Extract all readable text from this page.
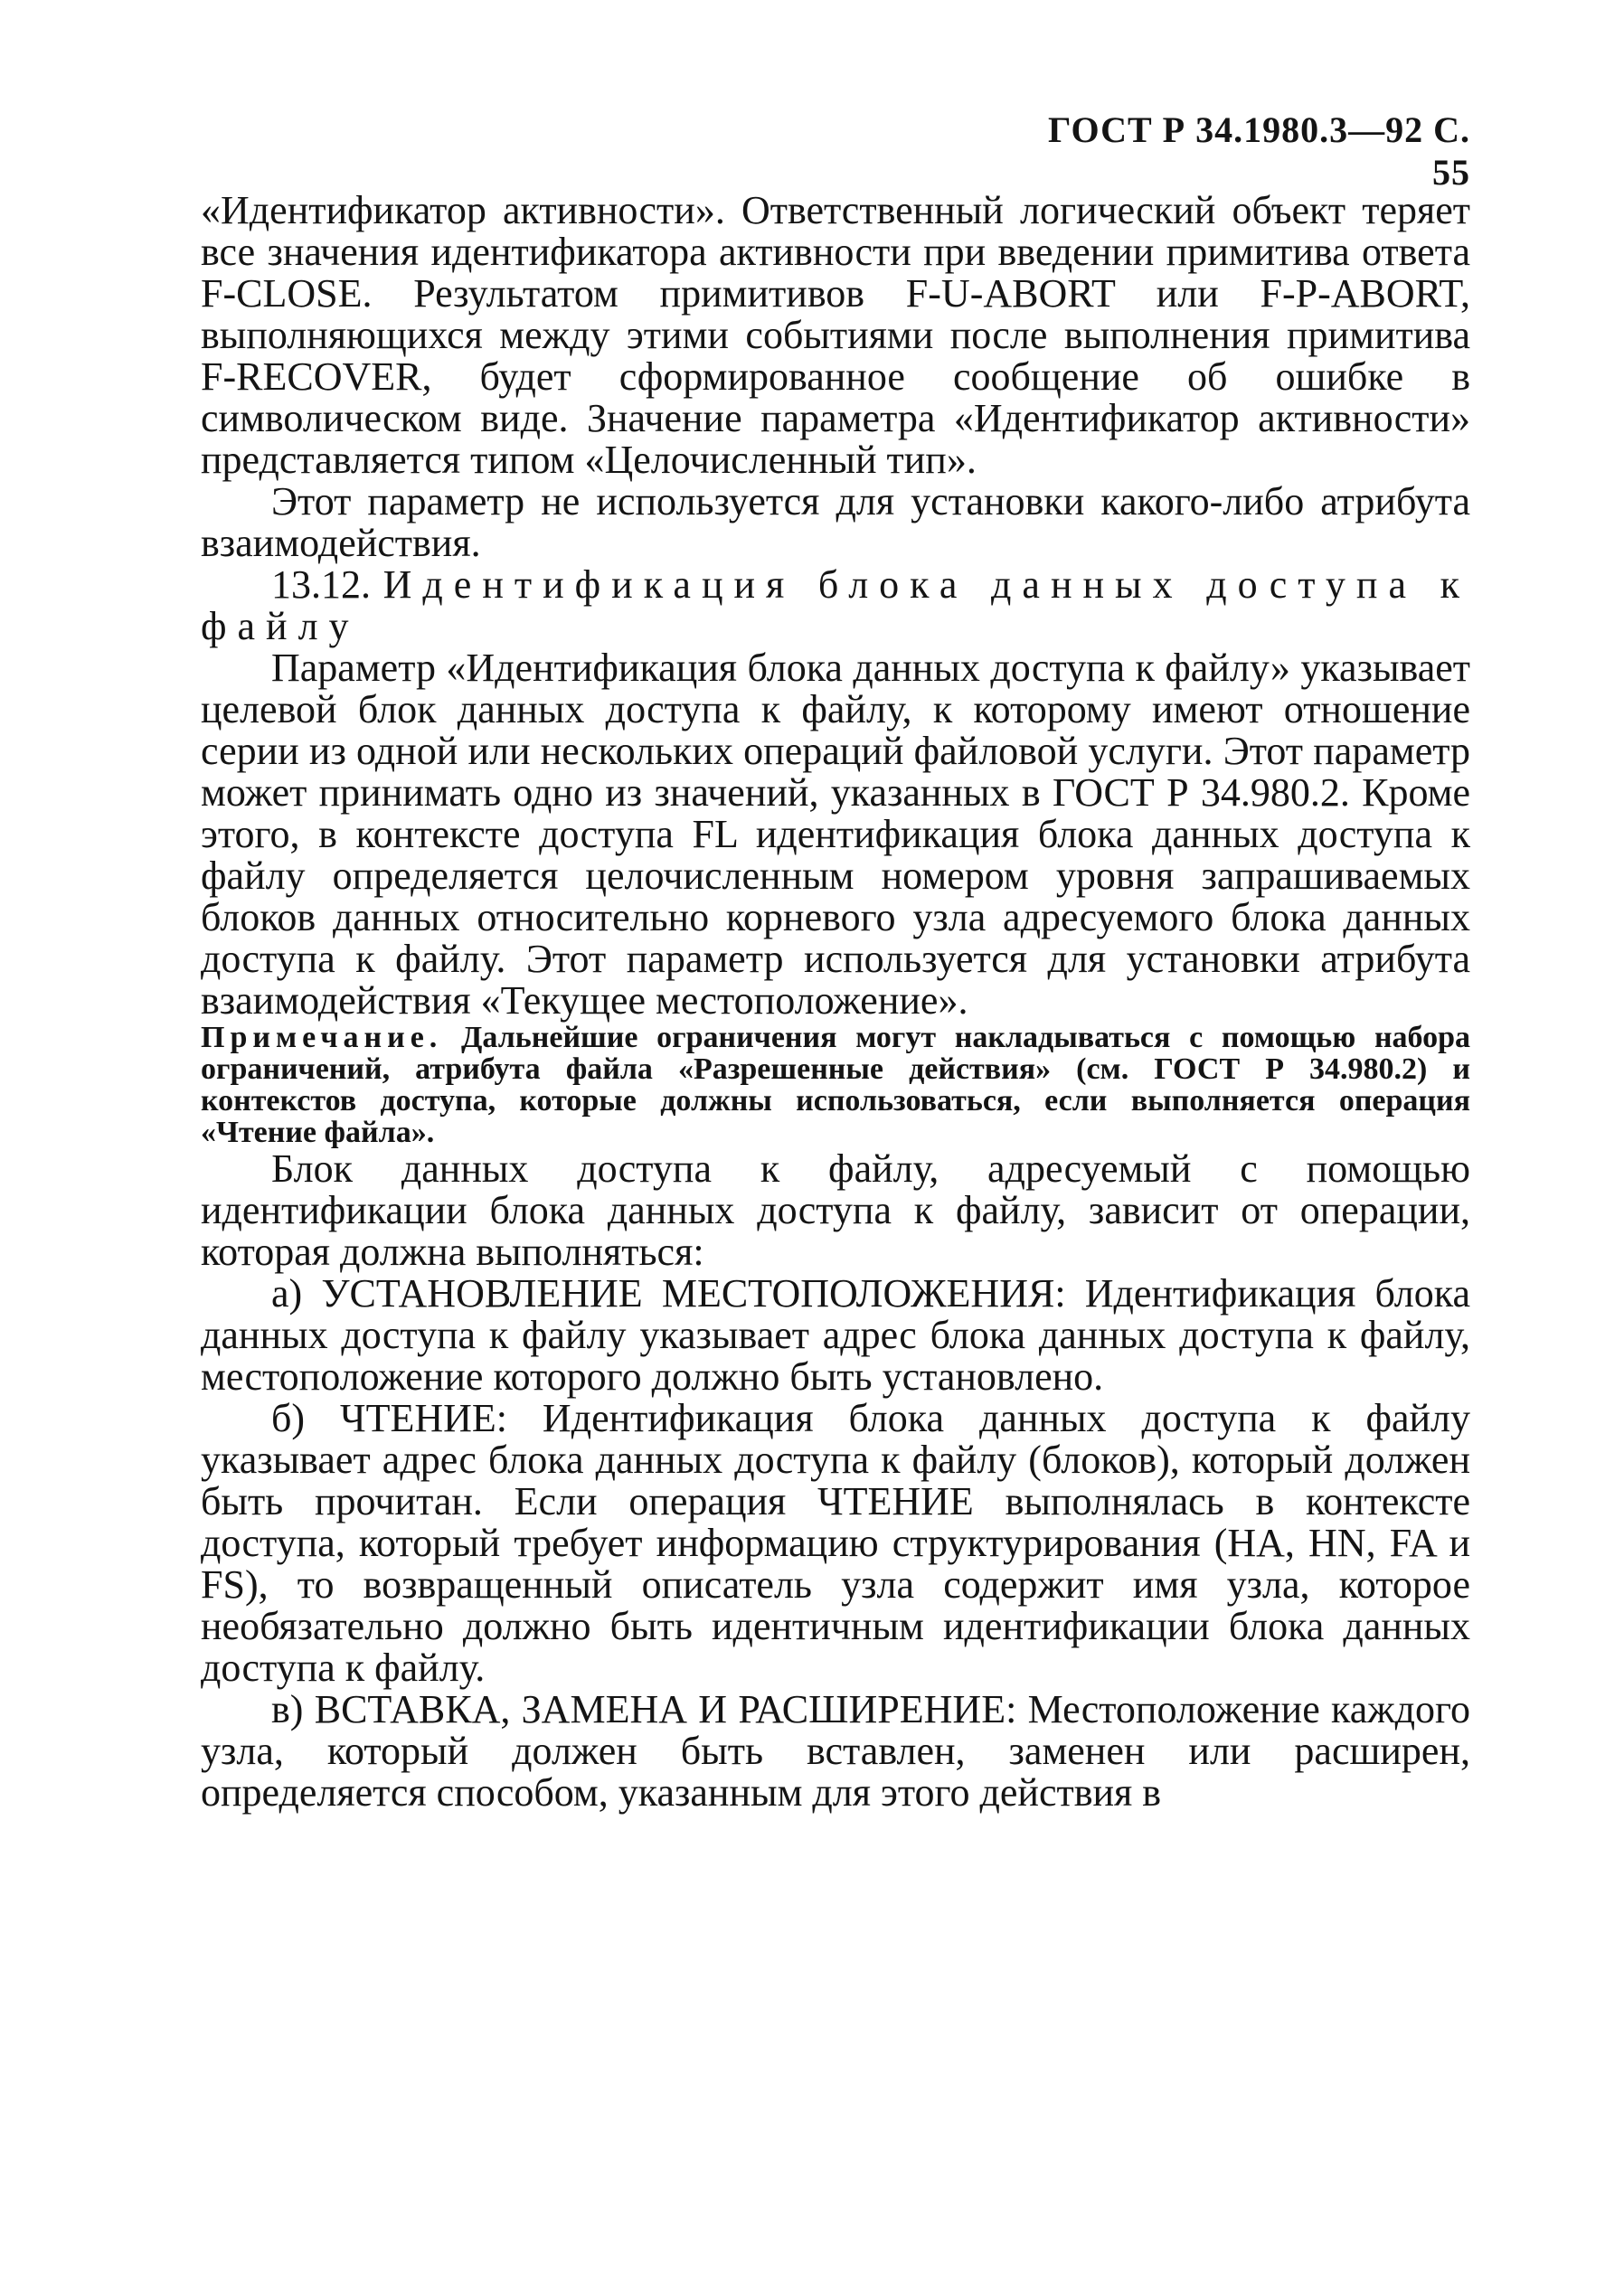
ГОСТ Р 34.1980.3—92 С. 55

«Идентификатор активности». Ответственный логический объект теряет все значения идентификатора активности при введении примитива ответа F-CLOSE. Результатом примитивов F-U-ABORT или F-P-ABORT, выполняющихся между этими событиями после выполнения примитива F-RECOVER, будет сформированное сообщение об ошибке в символическом виде. Значение параметра «Идентификатор активности» представляется типом «Целочисленный тип».

Этот параметр не используется для установки какого-либо атрибута взаимодействия.

13.12. Идентификация блока данных доступа к файлу

Параметр «Идентификация блока данных доступа к файлу» указывает целевой блок данных доступа к файлу, к которому имеют отношение серии из одной или нескольких операций файловой услуги. Этот параметр может принимать одно из значений, указанных в ГОСТ Р 34.980.2. Кроме этого, в контексте доступа FL идентификация блока данных доступа к файлу определяется целочисленным номером уровня запрашиваемых блоков данных относительно корневого узла адресуемого блока данных доступа к файлу. Этот параметр используется для установки атрибута взаимодействия «Текущее местоположение».

Примечание. Дальнейшие ограничения могут накладываться с помощью набора ограничений, атрибута файла «Разрешенные действия» (см. ГОСТ Р 34.980.2) и контекстов доступа, которые должны использоваться, если выполняется операция «Чтение файла».

Блок данных доступа к файлу, адресуемый с помощью идентификации блока данных доступа к файлу, зависит от операции, которая должна выполняться:

а) УСТАНОВЛЕНИЕ МЕСТОПОЛОЖЕНИЯ: Идентификация блока данных доступа к файлу указывает адрес блока данных доступа к файлу, местоположение которого должно быть установлено.

б) ЧТЕНИЕ: Идентификация блока данных доступа к файлу указывает адрес блока данных доступа к файлу (блоков), который должен быть прочитан. Если операция ЧТЕНИЕ выполнялась в контексте доступа, который требует информацию структурирования (HA, HN, FA и FS), то возвращенный описатель узла содержит имя узла, которое необязательно должно быть идентичным идентификации блока данных доступа к файлу.

в) ВСТАВКА, ЗАМЕНА И РАСШИРЕНИЕ: Местоположение каждого узла, который должен быть вставлен, заменен или расширен, определяется способом, указанным для этого действия в
